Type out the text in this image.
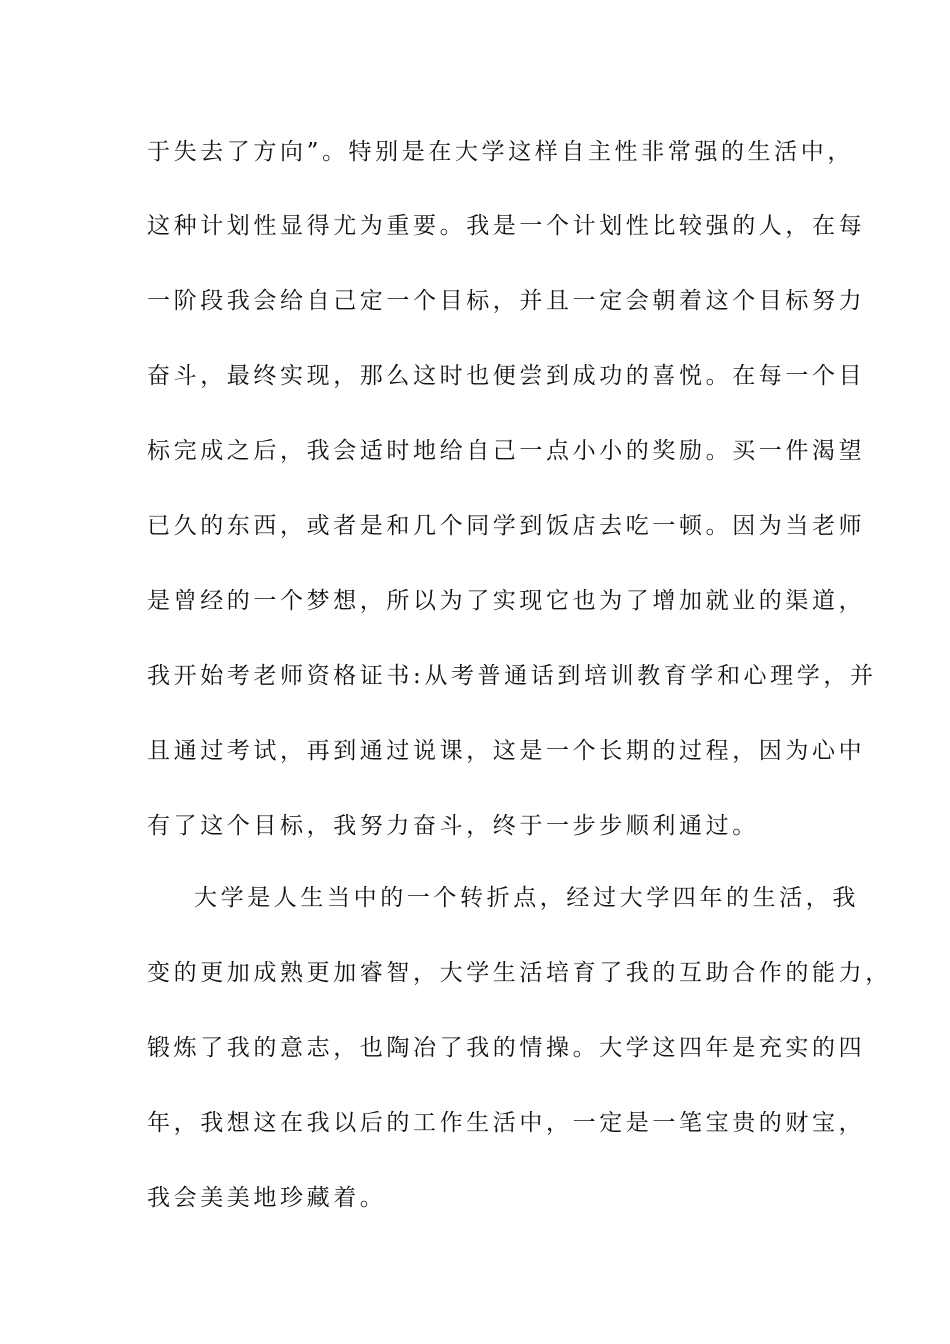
于失去了方向”。特别是在大学这样自主性非常强的生活中，

这种计划性显得尤为重要。我是一个计划性比较强的人，在每

一阶段我会给自己定一个目标，并且一定会朝着这个目标努力

奋斗，最终实现，那么这时也便尝到成功的喜悦。在每一个目

标完成之后，我会适时地给自己一点小小的奖励。买一件渴望

已久的东西，或者是和几个同学到饭店去吃一顿。因为当老师

是曾经的一个梦想，所以为了实现它也为了增加就业的渠道，

我开始考老师资格证书:从考普通话到培训教育学和心理学，并

且通过考试，再到通过说课，这是一个长期的过程，因为心中

有了这个目标，我努力奋斗，终于一步步顺利通过。

大学是人生当中的一个转折点，经过大学四年的生活，我

变的更加成熟更加睿智，大学生活培育了我的互助合作的能力，

锻炼了我的意志，也陶冶了我的情操。大学这四年是充实的四

年，我想这在我以后的工作生活中，一定是一笔宝贵的财宝，

我会美美地珍藏着。
